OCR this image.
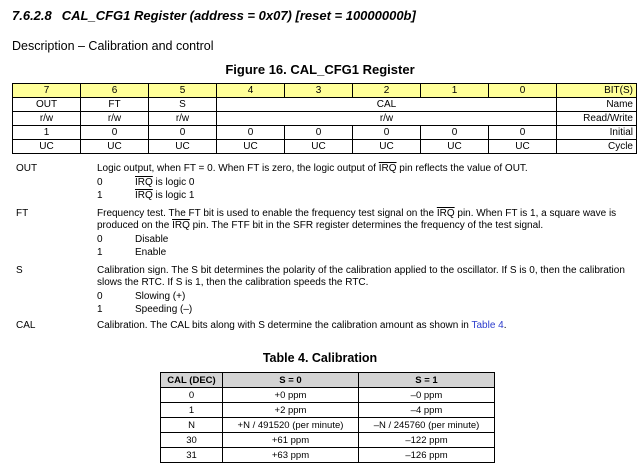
7.6.2.8 CAL_CFG1 Register (address = 0x07) [reset = 10000000b]
Description – Calibration and control
Figure 16. CAL_CFG1 Register
7	6	5	4	3	2	1	0	BIT(S)
OUT	FT	S	CAL					Name
r/w	r/w	r/w	r/w					Read/Write
1	0	0	0	0	0	0	0	Initial
UC	UC	UC	UC	UC	UC	UC	UC	Cycle
OUT	Logic output, when FT = 0. When FT is zero, the logic output of $\overline{IRQ}$ pin reflects the value of OUT.
0	$\overline{IRQ}$ is logic 0
1	$\overline{IRQ}$ is logic 1
FT	Frequency test. The FT bit is used to enable the frequency test signal on the $\overline{IRQ}$ pin. When FT is 1, a square wave is
produced on the $\overline{IRQ}$ pin. The FTF bit in the SFR register determines the frequency of the test signal.
0	Disable
1	Enable
S	Calibration sign. The S bit determines the polarity of the calibration applied to the oscillator. If S is 0, then the calibration
slows the RTC. If S is 1, then the calibration speeds the RTC.
0	Slowing (+)
1	Speeding (–)
CAL	Calibration. The CAL bits along with S determine the calibration amount as shown in Table 4.
Table 4. Calibration
CAL (DEC)	S = 0	S = 1
0	+0 ppm	–0 ppm
1	+2 ppm	–4 ppm
N	+N / 491520 (per minute)	–N / 245760 (per minute)
30	+61 ppm	–122 ppm
31	+63 ppm	–126 ppm
